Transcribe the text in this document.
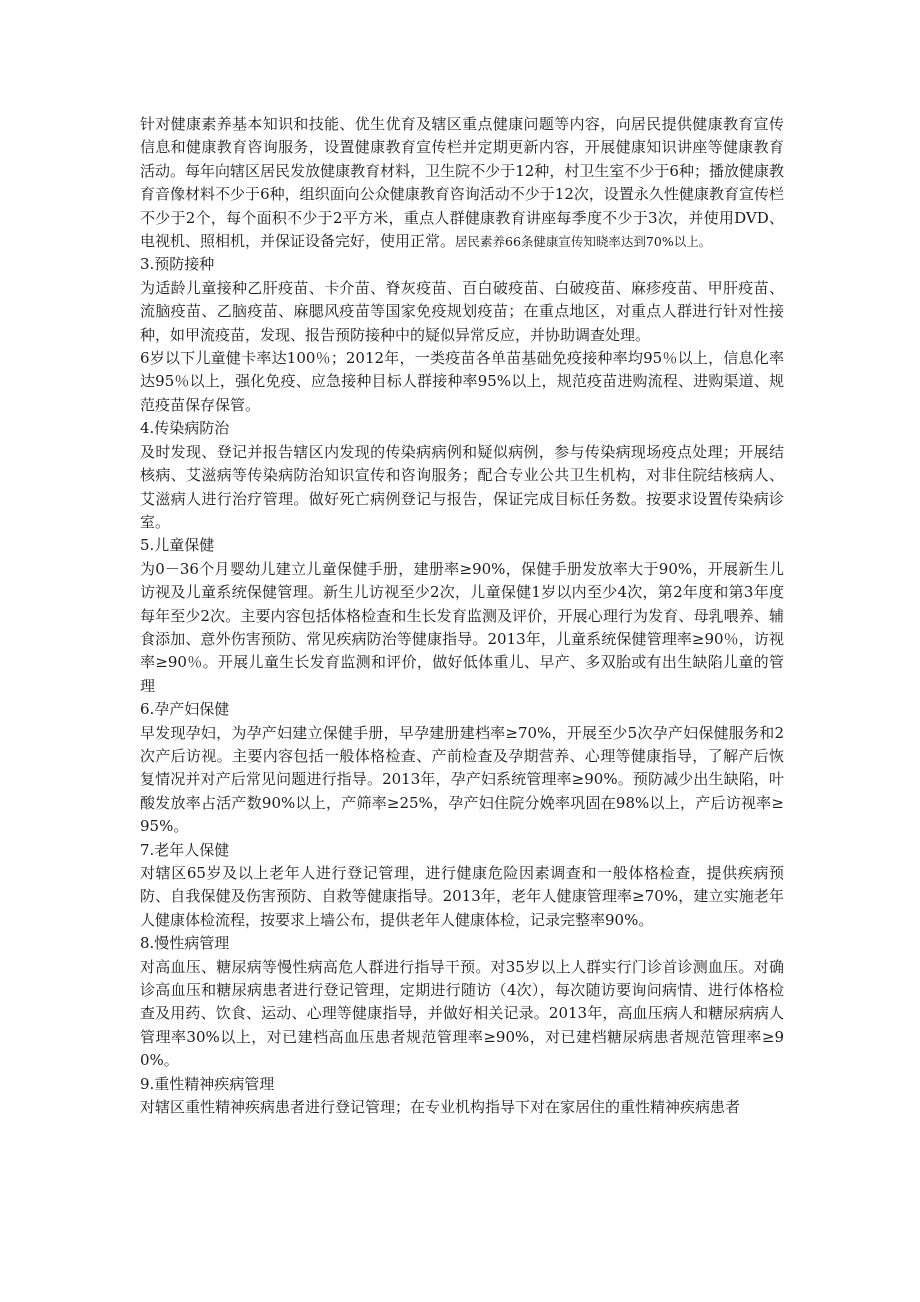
针对健康素养基本知识和技能、优生优育及辖区重点健康问题等内容，向居民提供健康教育宣传信息和健康教育咨询服务，设置健康教育宣传栏并定期更新内容，开展健康知识讲座等健康教育活动。每年向辖区居民发放健康教育材料，卫生院不少于12种，村卫生室不少于6种；播放健康教育音像材料不少于6种，组织面向公众健康教育咨询活动不少于12次，设置永久性健康教育宣传栏不少于2个，每个面积不少于2平方米，重点人群健康教育讲座每季度不少于3次，并使用DVD、电视机、照相机，并保证设备完好，使用正常。居民素养66条健康宣传知晓率达到70%以上。

3.预防接种

为适龄儿童接种乙肝疫苗、卡介苗、脊灰疫苗、百白破疫苗、白破疫苗、麻疹疫苗、甲肝疫苗、流脑疫苗、乙脑疫苗、麻腮风疫苗等国家免疫规划疫苗；在重点地区，对重点人群进行针对性接种，如甲流疫苗，发现、报告预防接种中的疑似异常反应，并协助调查处理。

6岁以下儿童健卡率达100％；2012年，一类疫苗各单苗基础免疫接种率均95％以上，信息化率达95％以上，强化免疫、应急接种目标人群接种率95%以上，规范疫苗进购流程、进购渠道、规范疫苗保存保管。

4.传染病防治

及时发现、登记并报告辖区内发现的传染病病例和疑似病例，参与传染病现场疫点处理；开展结核病、艾滋病等传染病防治知识宣传和咨询服务；配合专业公共卫生机构，对非住院结核病人、艾滋病人进行治疗管理。做好死亡病例登记与报告，保证完成目标任务数。按要求设置传染病诊室。

5.儿童保健

为0－36个月婴幼儿建立儿童保健手册，建册率≥90%，保健手册发放率大于90%，开展新生儿访视及儿童系统保健管理。新生儿访视至少2次，儿童保健1岁以内至少4次，第2年度和第3年度每年至少2次。主要内容包括体格检查和生长发育监测及评价，开展心理行为发育、母乳喂养、辅食添加、意外伤害预防、常见疾病防治等健康指导。2013年，儿童系统保健管理率≥90％，访视率≥90％。开展儿童生长发育监测和评价，做好低体重儿、早产、多双胎或有出生缺陷儿童的管理

6.孕产妇保健

早发现孕妇，为孕产妇建立保健手册，早孕建册建档率≥70%，开展至少5次孕产妇保健服务和2次产后访视。主要内容包括一般体格检查、产前检查及孕期营养、心理等健康指导，了解产后恢复情况并对产后常见问题进行指导。2013年，孕产妇系统管理率≥90%。预防减少出生缺陷，叶酸发放率占活产数90%以上，产筛率≥25%，孕产妇住院分娩率巩固在98%以上，产后访视率≥95%。

7.老年人保健

对辖区65岁及以上老年人进行登记管理，进行健康危险因素调查和一般体格检查，提供疾病预防、自我保健及伤害预防、自救等健康指导。2013年，老年人健康管理率≥70%，建立实施老年人健康体检流程，按要求上墙公布，提供老年人健康体检，记录完整率90%。

8.慢性病管理

对高血压、糖尿病等慢性病高危人群进行指导干预。对35岁以上人群实行门诊首诊测血压。对确诊高血压和糖尿病患者进行登记管理，定期进行随访（4次），每次随访要询问病情、进行体格检查及用药、饮食、运动、心理等健康指导，并做好相关记录。2013年，高血压病人和糖尿病病人管理率30%以上，对已建档高血压患者规范管理率≥90%，对已建档糖尿病患者规范管理率≥90%。

9.重性精神疾病管理

对辖区重性精神疾病患者进行登记管理；在专业机构指导下对在家居住的重性精神疾病患者
